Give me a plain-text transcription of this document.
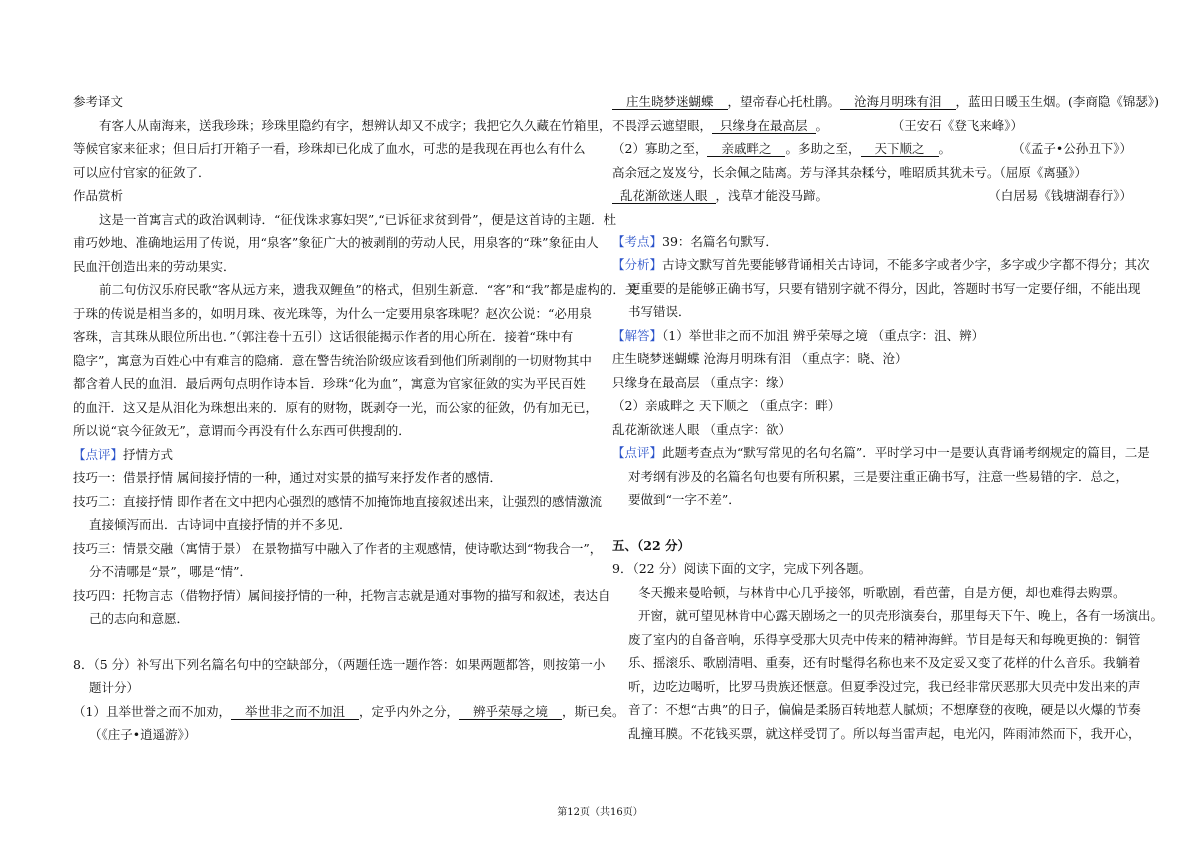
参考译文
有客人从南海来，送我珍珠；珍珠里隐约有字，想辨认却又不成字；我把它久久藏在竹箱里，
等候官家来征求；但日后打开箱子一看，珍珠却已化成了血水，可悲的是我现在再也么有什么
可以应付官家的征敛了．
作品赏析
这是一首寓言式的政治讽刺诗．“征伐诛求寡妇哭”,“已诉征求贫到骨”，便是这首诗的主题．杜
甫巧妙地、准确地运用了传说，用“泉客”象征广大的被剥削的劳动人民，用泉客的“珠”象征由人
民血汗创造出来的劳动果实．
前二句仿汉乐府民歌“客从远方来，遗我双鲤鱼”的格式，但别生新意．“客”和“我”都是虚构的．关
于珠的传说是相当多的，如明月珠、夜光珠等，为什么一定要用泉客珠呢？赵次公说：“必用泉
客珠，言其珠从眼位所出也．”（郭注卷十五引）这话很能揭示作者的用心所在．接着“珠中有
隐字”，寓意为百姓心中有难言的隐痛．意在警告统治阶级应该看到他们所剥削的一切财物其中
都含着人民的血泪．最后两句点明作诗本旨．珍珠“化为血”，寓意为官家征敛的实为平民百姓
的血汗．这又是从泪化为珠想出来的．原有的财物，既剥夺一光，而公家的征敛，仍有加无已，
所以说“哀今征敛无”，意谓而今再没有什么东西可供搜刮的．
【点评】抒情方式
技巧一：借景抒情 属间接抒情的一种，通过对实景的描写来抒发作者的感情．
技巧二：直接抒情 即作者在文中把内心强烈的感情不加掩饰地直接叙述出来，让强烈的感情激流
直接倾泻而出．古诗词中直接抒情的并不多见．
技巧三：情景交融（寓情于景） 在景物描写中融入了作者的主观感情，使诗歌达到“物我合一”，
分不清哪是“景”，哪是“情”．
技巧四：托物言志（借物抒情）属间接抒情的一种，托物言志就是通对事物的描写和叙述，表达自
己的志向和意愿．
8．（5 分）补写出下列名篇名句中的空缺部分，（两题任选一题作答：如果两题都答，则按第一小
题计分）
（1）且举世誉之而不加劝， 举世非之而不加沮 ，定乎内外之分， 辨乎荣辱之境 ，斯已矣。
（《庄子•逍遥游》）
庄生晓梦迷蝴蝶 ，望帝春心托杜鹃。 沧海月明珠有泪 ，蓝田日暖玉生烟。(李商隐《锦瑟》)
不畏浮云遮望眼， 只缘身在最高层 。	（王安石《登飞来峰》）
（2）寡助之至， 亲戚畔之 。多助之至， 天下顺之 。	（《孟子•公孙丑下》）
高余冠之岌岌兮，长余佩之陆离。芳与泽其杂糅兮，唯昭质其犹未亏。（屈原《离骚》）
乱花渐欲迷人眼 ，浅草才能没马蹄。	（白居易《钱塘湖春行》）
【考点】39：名篇名句默写．
【分析】古诗文默写首先要能够背诵相关古诗词，不能多字或者少字，多字或少字都不得分；其次
更重要的是能够正确书写，只要有错别字就不得分，因此，答题时书写一定要仔细，不能出现
书写错误．
【解答】（1）举世非之而不加沮 辨乎荣辱之境 （重点字：沮、辨）
庄生晓梦迷蝴蝶 沧海月明珠有泪 （重点字：晓、沧）
只缘身在最高层 （重点字：缘）
（2）亲戚畔之 天下顺之 （重点字：畔）
乱花渐欲迷人眼 （重点字：欲）
【点评】此题考查点为“默写常见的名句名篇”．平时学习中一是要认真背诵考纲规定的篇目，二是
对考纲有涉及的名篇名句也要有所积累，三是要注重正确书写，注意一些易错的字．总之，
要做到“一字不差”．
五、（22 分）
9．（22 分）阅读下面的文字，完成下列各题。
冬天搬来曼哈顿，与林肯中心几乎接邻，听歌剧，看芭蕾，自是方便，却也难得去购票。
开窗，就可望见林肯中心露天剧场之一的贝壳形演奏台，那里每天下午、晚上，各有一场演出。
废了室内的自备音响，乐得享受那大贝壳中传来的精神海鲜。节目是每天和每晚更换的：铜管
乐、摇滚乐、歌剧清唱、重奏，还有时髦得名称也来不及定妥又变了花样的什么音乐。我躺着
听，边吃边喝听，比罗马贵族还惬意。但夏季没过完，我已经非常厌恶那大贝壳中发出来的声
音了：不想“古典”的日子，偏偏是柔肠百转地惹人腻烦；不想摩登的夜晚，硬是以火爆的节奏
乱撞耳膜。不花钱买票，就这样受罚了。所以每当雷声起，电光闪，阵雨沛然而下，我开心，
第12页（共16页）
